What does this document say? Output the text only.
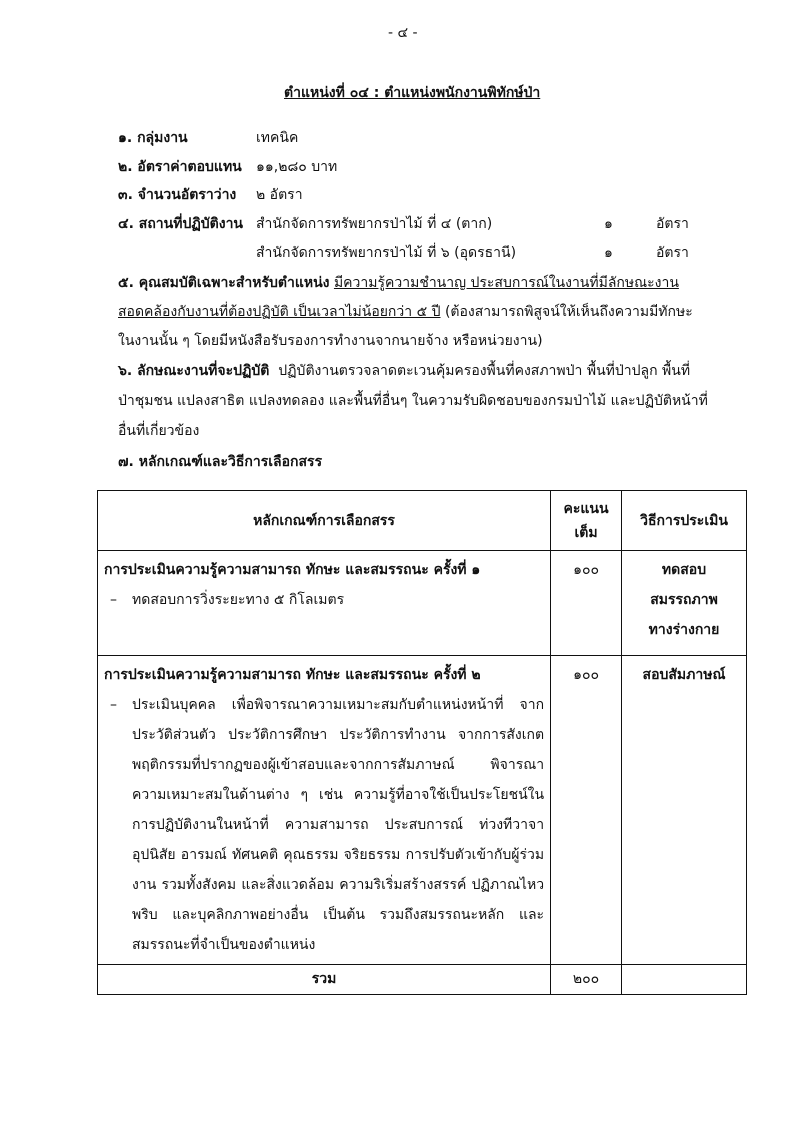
- ๔ -
ตำแหน่งที่ ๐๔ : ตำแหน่งพนักงานพิทักษ์ป่า
๑. กลุ่มงาน	เทคนิค
๒. อัตราค่าตอบแทน ๑๑,๒๘๐ บาท
๓. จำนวนอัตราว่าง ๒ อัตรา
๔. สถานที่ปฏิบัติงาน สำนักจัดการทรัพยากรป่าไม้ ที่ ๔ (ตาก)	๑	อัตรา
สำนักจัดการทรัพยากรป่าไม้ ที่ ๖ (อุดรธานี)	๑	อัตรา
๕. คุณสมบัติเฉพาะสำหรับตำแหน่ง มีความรู้ความชำนาญ ประสบการณ์ในงานที่มีลักษณะงาน
สอดคล้องกับงานที่ต้องปฏิบัติ เป็นเวลาไม่น้อยกว่า ๕ ปี (ต้องสามารถพิสูจน์ให้เห็นถึงความมีทักษะ
ในงานนั้น ๆ โดยมีหนังสือรับรองการทำงานจากนายจ้าง หรือหน่วยงาน)
๖. ลักษณะงานที่จะปฏิบัติ ปฏิบัติงานตรวจลาดตะเวนคุ้มครองพื้นที่คงสภาพป่า พื้นที่ป่าปลูก พื้นที่
ป่าชุมชน แปลงสาธิต แปลงทดลอง และพื้นที่อื่นๆ ในความรับผิดชอบของกรมป่าไม้ และปฏิบัติหน้าที่
อื่นที่เกี่ยวข้อง
๗. หลักเกณฑ์และวิธีการเลือกสรร
หลักเกณฑ์การเลือกสรร	คะแนนเต็ม	วิธีการประเมิน

การประเมินความรู้ความสามารถ ทักษะ และสมรรถนะ ครั้งที่ ๑
– ทดสอบการวิ่งระยะทาง ๕ กิโลเมตร	๑๐๐	ทดสอบ สมรรถภาพ ทางร่างกาย

การประเมินความรู้ความสามารถ ทักษะ และสมรรถนะ ครั้งที่ ๒
– ประเมินบุคคล เพื่อพิจารณาความเหมาะสมกับตำแหน่งหน้าที่ จากประวัติส่วนตัว ประวัติการศึกษา ประวัติการทำงาน จากการสังเกตพฤติกรรมที่ปรากฏของผู้เข้าสอบและจากการสัมภาษณ์ พิจารณาความเหมาะสมในด้านต่าง ๆ เช่น ความรู้ที่อาจใช้เป็นประโยชน์ในการปฏิบัติงานในหน้าที่ ความสามารถ ประสบการณ์ ท่วงทีวาจา อุปนิสัย อารมณ์ ทัศนคติ คุณธรรม จริยธรรม การปรับตัวเข้ากับผู้ร่วมงาน รวมทั้งสังคม และสิ่งแวดล้อม ความริเริ่มสร้างสรรค์ ปฏิภาณไหวพริบ และบุคลิกภาพอย่างอื่น เป็นต้น รวมถึงสมรรถนะหลัก และสมรรถนะที่จำเป็นของตำแหน่ง	๑๐๐	สอบสัมภาษณ์
รวม	๒๐๐	
